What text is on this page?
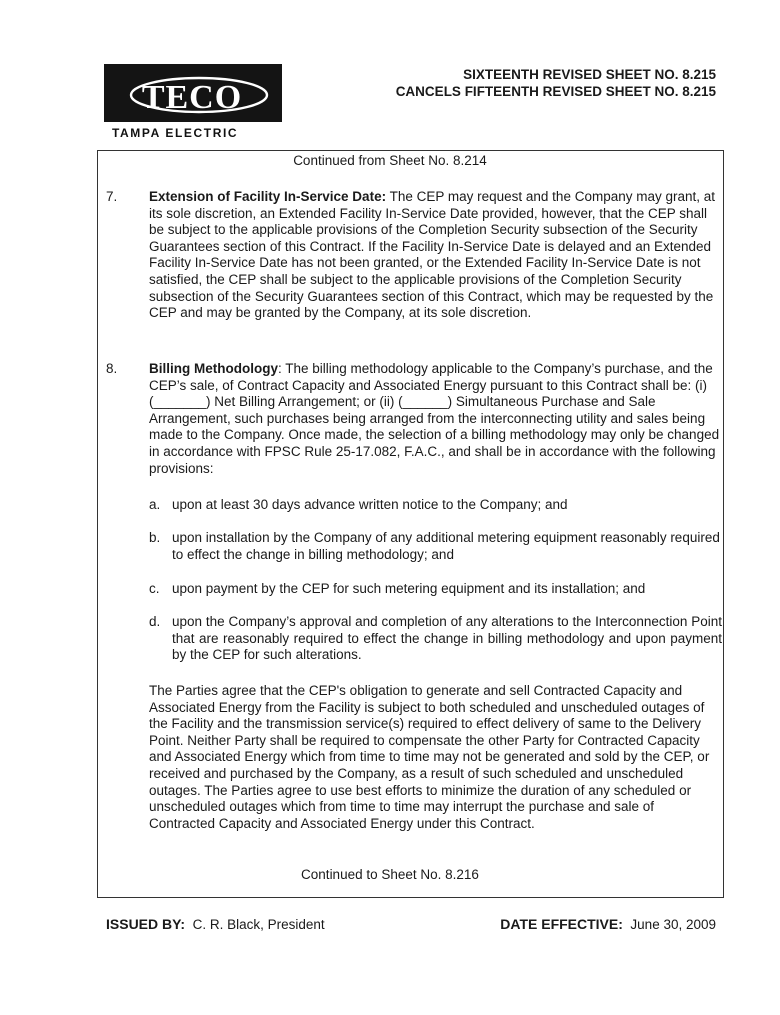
TECO
TAMPA ELECTRIC
SIXTEENTH REVISED SHEET NO. 8.215
CANCELS FIFTEENTH REVISED SHEET NO. 8.215
Continued from Sheet No. 8.214
7. Extension of Facility In-Service Date: The CEP may request and the Company may grant, at its sole discretion, an Extended Facility In-Service Date provided, however, that the CEP shall be subject to the applicable provisions of the Completion Security subsection of the Security Guarantees section of this Contract. If the Facility In-Service Date is delayed and an Extended Facility In-Service Date has not been granted, or the Extended Facility In-Service Date is not satisfied, the CEP shall be subject to the applicable provisions of the Completion Security subsection of the Security Guarantees section of this Contract, which may be requested by the CEP and may be granted by the Company, at its sole discretion.
8. Billing Methodology: The billing methodology applicable to the Company’s purchase, and the CEP’s sale, of Contract Capacity and Associated Energy pursuant to this Contract shall be: (i) (_______) Net Billing Arrangement; or (ii) (______) Simultaneous Purchase and Sale Arrangement, such purchases being arranged from the interconnecting utility and sales being made to the Company. Once made, the selection of a billing methodology may only be changed in accordance with FPSC Rule 25-17.082, F.A.C., and shall be in accordance with the following provisions:
a. upon at least 30 days advance written notice to the Company; and
b. upon installation by the Company of any additional metering equipment reasonably required to effect the change in billing methodology; and
c. upon payment by the CEP for such metering equipment and its installation; and
d. upon the Company’s approval and completion of any alterations to the Interconnection Point that are reasonably required to effect the change in billing methodology and upon payment by the CEP for such alterations.
The Parties agree that the CEP's obligation to generate and sell Contracted Capacity and Associated Energy from the Facility is subject to both scheduled and unscheduled outages of the Facility and the transmission service(s) required to effect delivery of same to the Delivery Point. Neither Party shall be required to compensate the other Party for Contracted Capacity and Associated Energy which from time to time may not be generated and sold by the CEP, or received and purchased by the Company, as a result of such scheduled and unscheduled outages. The Parties agree to use best efforts to minimize the duration of any scheduled or unscheduled outages which from time to time may interrupt the purchase and sale of Contracted Capacity and Associated Energy under this Contract.
Continued to Sheet No. 8.216
ISSUED BY: C. R. Black, President	DATE EFFECTIVE: June 30, 2009
